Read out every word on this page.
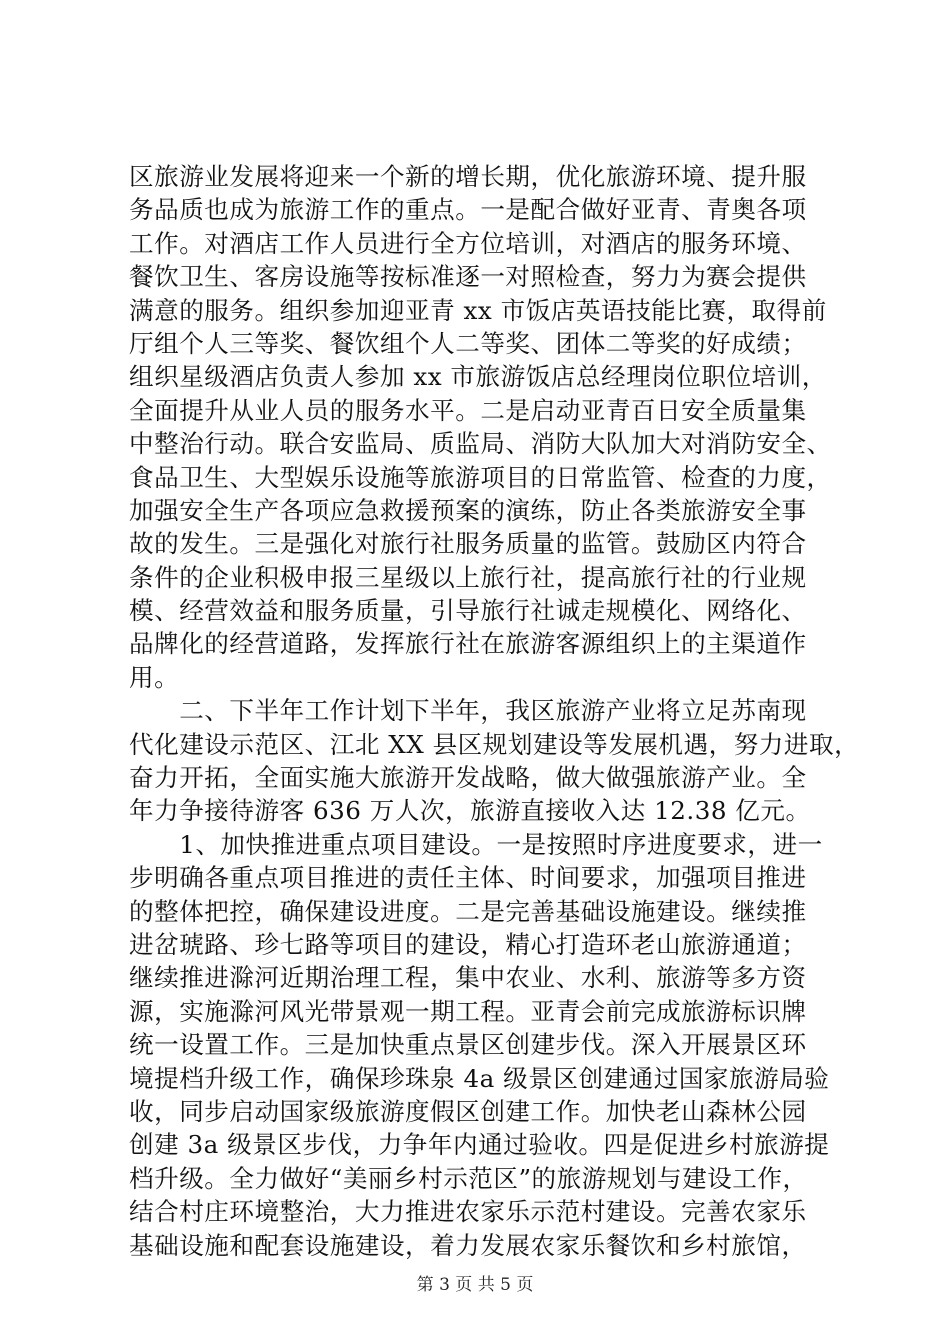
区旅游业发展将迎来一个新的增长期，优化旅游环境、提升服
务品质也成为旅游工作的重点。一是配合做好亚青、青奥各项
工作。对酒店工作人员进行全方位培训，对酒店的服务环境、
餐饮卫生、客房设施等按标准逐一对照检查，努力为赛会提供
满意的服务。组织参加迎亚青 xx 市饭店英语技能比赛，取得前
厅组个人三等奖、餐饮组个人二等奖、团体二等奖的好成绩；
组织星级酒店负责人参加 xx 市旅游饭店总经理岗位职位培训，
全面提升从业人员的服务水平。二是启动亚青百日安全质量集
中整治行动。联合安监局、质监局、消防大队加大对消防安全、
食品卫生、大型娱乐设施等旅游项目的日常监管、检查的力度，
加强安全生产各项应急救援预案的演练，防止各类旅游安全事
故的发生。三是强化对旅行社服务质量的监管。鼓励区内符合
条件的企业积极申报三星级以上旅行社，提高旅行社的行业规
模、经营效益和服务质量，引导旅行社诚走规模化、网络化、
品牌化的经营道路，发挥旅行社在旅游客源组织上的主渠道作
用。
　　二、下半年工作计划下半年，我区旅游产业将立足苏南现
代化建设示范区、江北 XX 县区规划建设等发展机遇，努力进取，
奋力开拓，全面实施大旅游开发战略，做大做强旅游产业。全
年力争接待游客 636 万人次，旅游直接收入达 12.38 亿元。
　　1、加快推进重点项目建设。一是按照时序进度要求，进一
步明确各重点项目推进的责任主体、时间要求，加强项目推进
的整体把控，确保建设进度。二是完善基础设施建设。继续推
进岔琥路、珍七路等项目的建设，精心打造环老山旅游通道；
继续推进滁河近期治理工程，集中农业、水利、旅游等多方资
源，实施滁河风光带景观一期工程。亚青会前完成旅游标识牌
统一设置工作。三是加快重点景区创建步伐。深入开展景区环
境提档升级工作，确保珍珠泉 4a 级景区创建通过国家旅游局验
收，同步启动国家级旅游度假区创建工作。加快老山森林公园
创建 3a 级景区步伐，力争年内通过验收。四是促进乡村旅游提
档升级。全力做好“美丽乡村示范区”的旅游规划与建设工作，
结合村庄环境整治，大力推进农家乐示范村建设。完善农家乐
基础设施和配套设施建设，着力发展农家乐餐饮和乡村旅馆，
第 3 页 共 5 页
